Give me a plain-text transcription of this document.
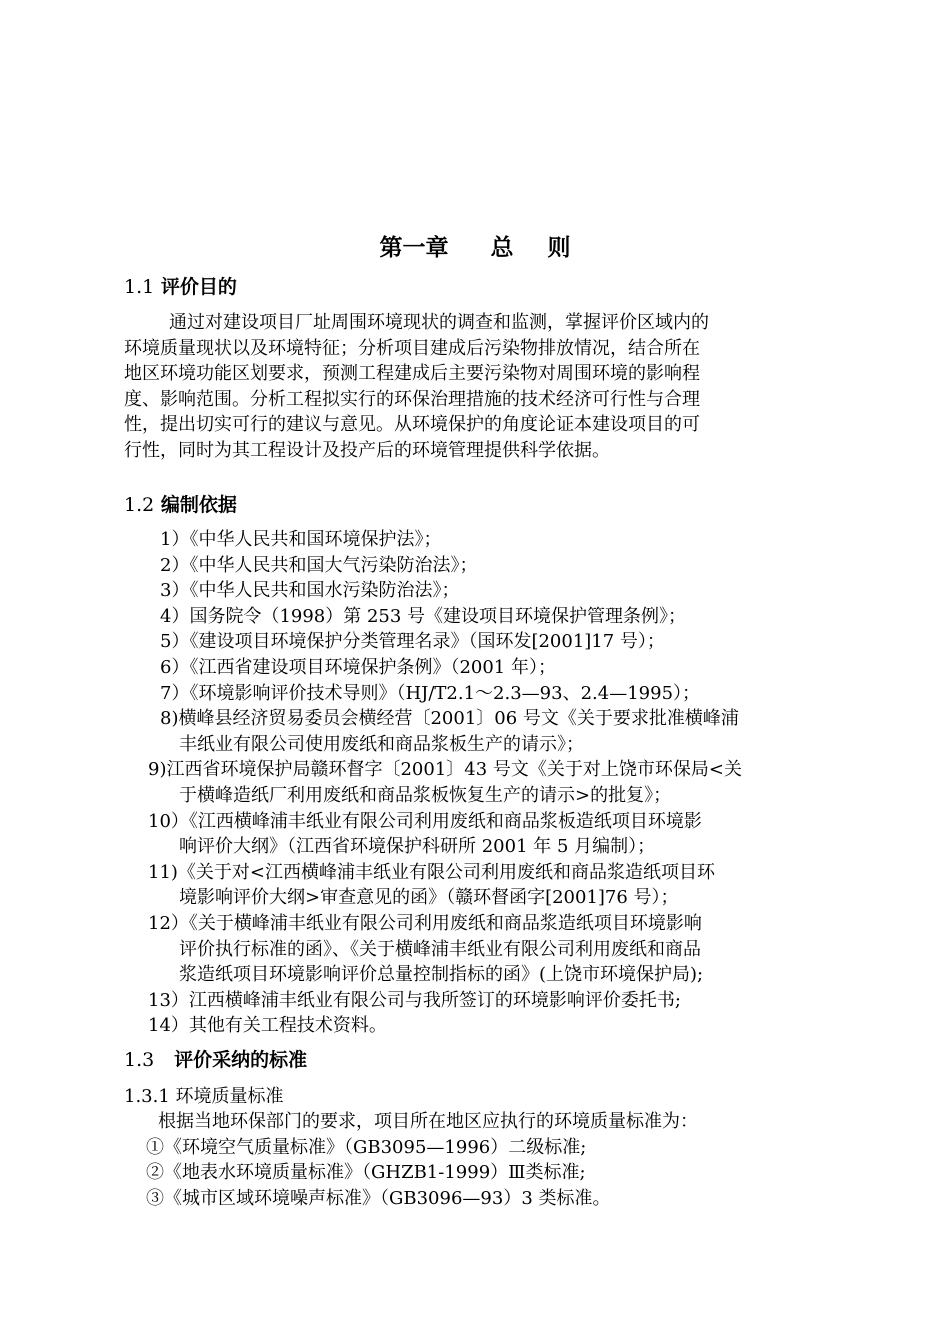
第一章 总 则
1.1 评价目的
通过对建设项目厂址周围环境现状的调查和监测，掌握评价区域内的
环境质量现状以及环境特征；分析项目建成后污染物排放情况，结合所在
地区环境功能区划要求，预测工程建成后主要污染物对周围环境的影响程
度、影响范围。分析工程拟实行的环保治理措施的技术经济可行性与合理
性，提出切实可行的建议与意见。从环境保护的角度论证本建设项目的可
行性，同时为其工程设计及投产后的环境管理提供科学依据。
1.2 编制依据
1）《中华人民共和国环境保护法》；
2）《中华人民共和国大气污染防治法》；
3）《中华人民共和国水污染防治法》；
4）国务院令（1998）第 253 号《建设项目环境保护管理条例》；
5）《建设项目环境保护分类管理名录》（国环发[2001]17 号）；
6）《江西省建设项目环境保护条例》（2001 年）；
7）《环境影响评价技术导则》（HJ/T2.1～2.3—93、2.4—1995）；
8)横峰县经济贸易委员会横经营〔2001〕06 号文《关于要求批准横峰浦
丰纸业有限公司使用废纸和商品浆板生产的请示》；
9)江西省环境保护局赣环督字〔2001〕43 号文《关于对上饶市环保局<关
于横峰造纸厂利用废纸和商品浆板恢复生产的请示>的批复》；
10）《江西横峰浦丰纸业有限公司利用废纸和商品浆板造纸项目环境影
响评价大纲》（江西省环境保护科研所 2001 年 5 月编制）；
11)《关于对<江西横峰浦丰纸业有限公司利用废纸和商品浆造纸项目环
境影响评价大纲>审查意见的函》（赣环督函字[2001]76 号）；
12）《关于横峰浦丰纸业有限公司利用废纸和商品浆造纸项目环境影响
评价执行标准的函》、《关于横峰浦丰纸业有限公司利用废纸和商品
浆造纸项目环境影响评价总量控制指标的函》(上饶市环境保护局);
13）江西横峰浦丰纸业有限公司与我所签订的环境影响评价委托书;
14）其他有关工程技术资料。
1.3 评价采纳的标准
1.3.1 环境质量标准
根据当地环保部门的要求，项目所在地区应执行的环境质量标准为：
①《环境空气质量标准》（GB3095—1996）二级标准;
②《地表水环境质量标准》（GHZB1-1999）Ⅲ类标准;
③《城市区域环境噪声标准》（GB3096—93）3 类标准。
